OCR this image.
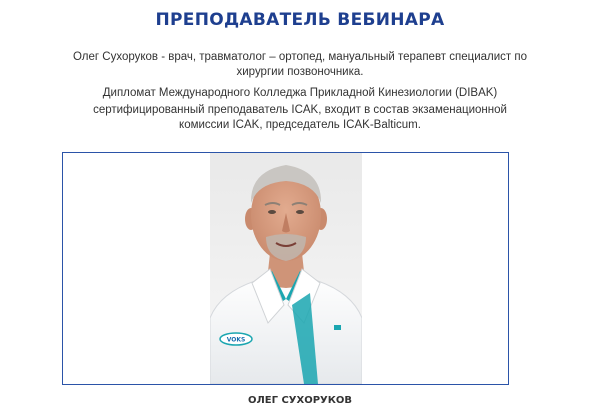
ПРЕПОДАВАТЕЛЬ ВЕБИНАРА
Олег Сухоруков - врач, травматолог – ортопед, мануальный терапевт специалист по хирургии позвоночника.
Дипломат Международного Колледжа Прикладной Кинезиологии (DIBAK)
сертифицированный преподаватель ICAK, входит в состав экзаменационной комиссии ICAK, председатель ICAK-Balticum.
VOKS
ОЛЕГ СУХОРУКОВ
